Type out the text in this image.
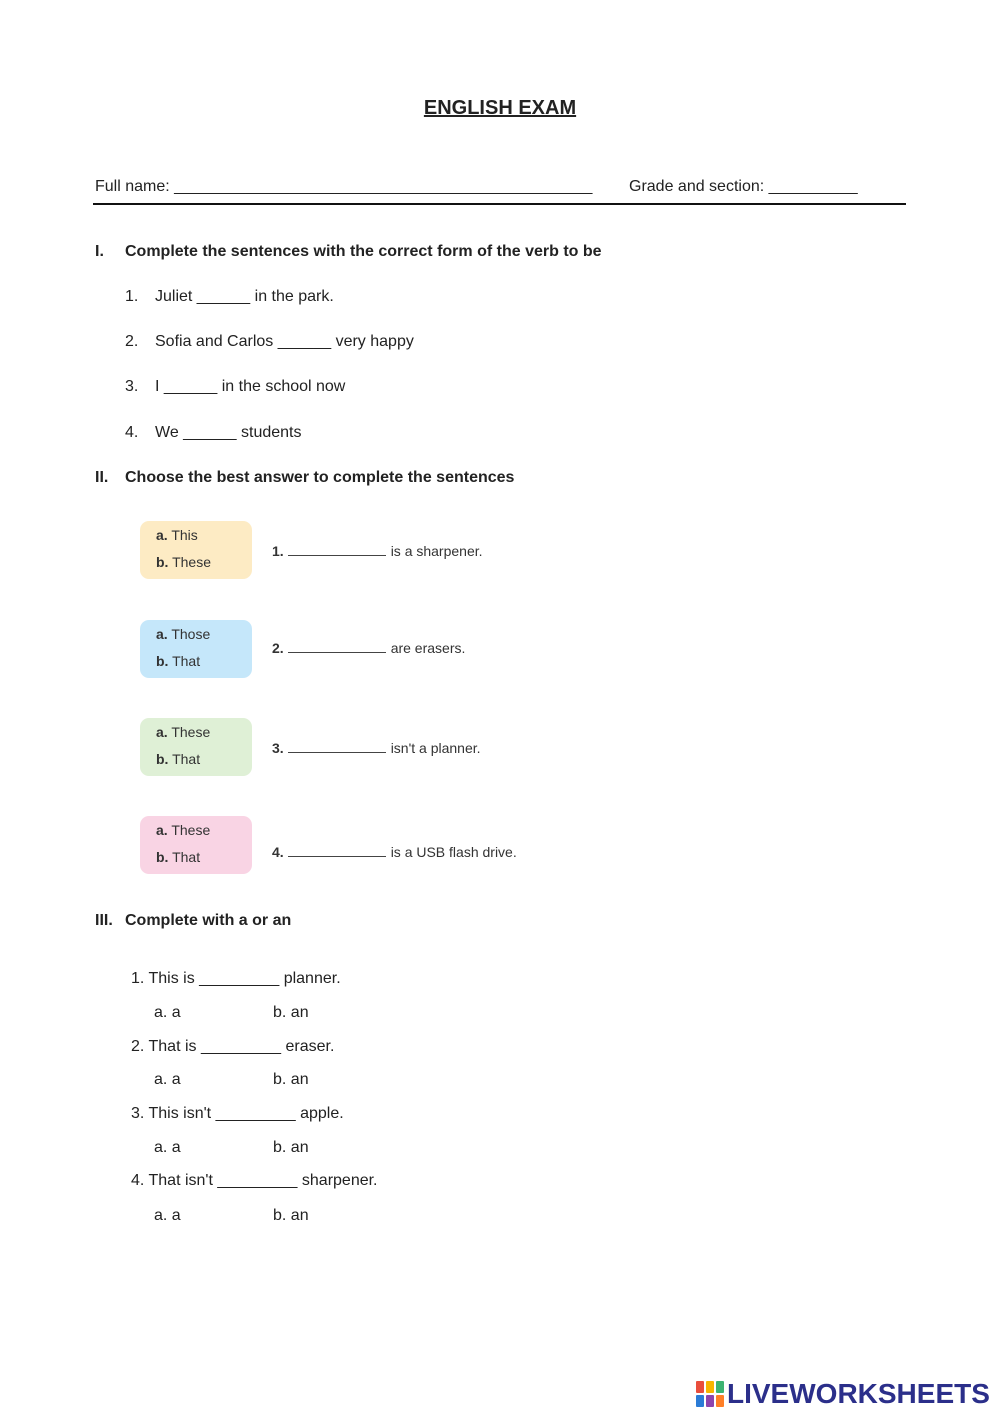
ENGLISH EXAM
Full name: _______________________________________________ Grade and section: __________
I. Complete the sentences with the correct form of the verb to be
1. Juliet ______ in the park.
2. Sofia and Carlos ______ very happy
3. I ______ in the school now
4. We ______ students
II. Choose the best answer to complete the sentences
a. This
b. These
1.	is a sharpener.
a. Those
b. That
2.	are erasers.
a. These
b. That
3.	isn't a planner.
a. These
b. That	4.	is a USB flash drive.
III. Complete with a or an
1. This is _________ planner.
a. a	b. an
2. That is _________ eraser.
a. a	b. an
3. This isn't _________ apple.
a. a	b. an
4. That isn't _________ sharpener.
a. a	b. an
LIVEWORKSHEETS
